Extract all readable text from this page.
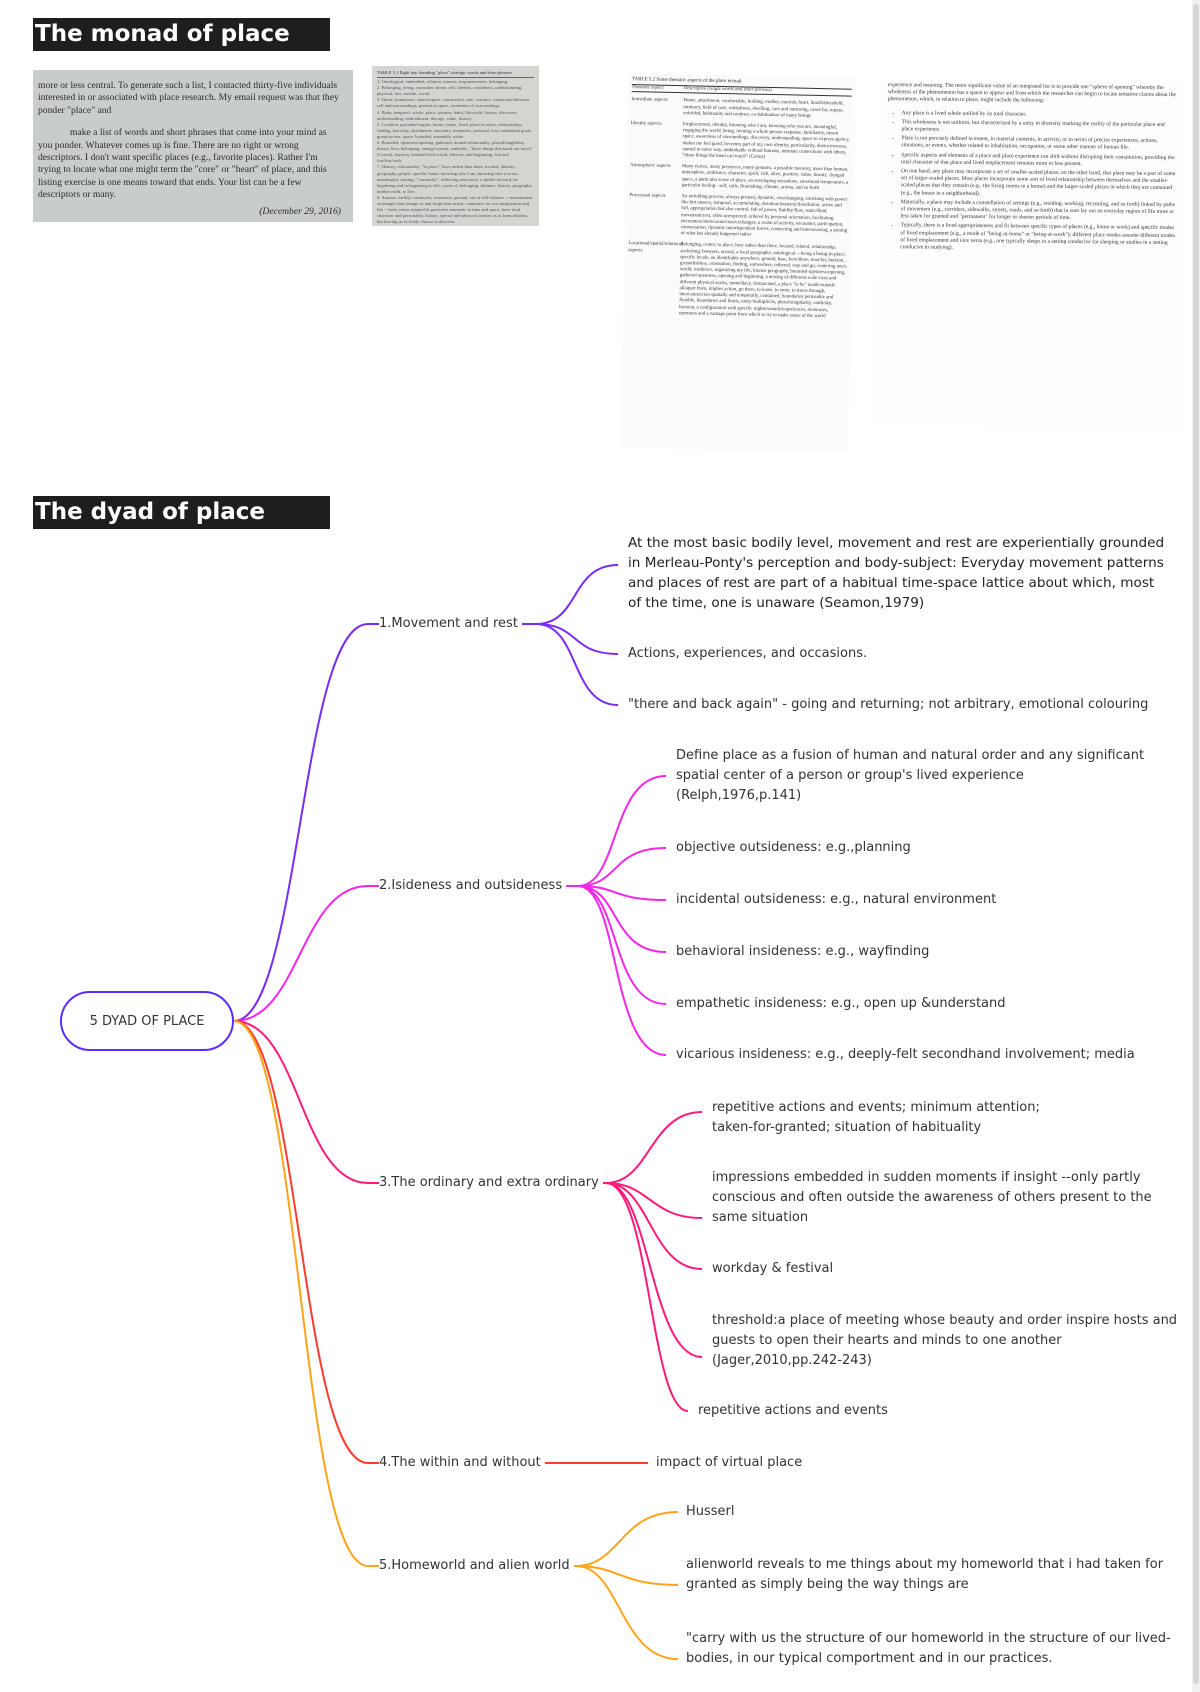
The monad of place

more or less central. To generate such a list, I contacted thirty-five individuals interested in or associated with place research. My email request was that they ponder "place" and

make a list of words and short phrases that come into your mind as you ponder. Whatever comes up is fine. There are no right or wrong descriptors. I don't want specific places (e.g., favorite places). Rather I'm trying to locate what one might term the "core" or "heart" of place, and this listing exercise is one means toward that ends. Your list can be a few descriptors or many.

(December 29, 2016)

TABLE 5.1 Eight key founding "place" strategic words and short phrases
1. Ontological, embedded, relation, interest, responsiveness, belonging.
2. Belonging, being, encounter, home, self, identity, rootedness, understanding, physical, lost, mobile, social.
3. Home, hometown, shared space, constructed, safe, comfort, connection between self and surroundings, present in space, awareness of surroundings.
4. Body, temporal, whole, place, journey, habit, lifeworld, history, discovery, understanding, embodiment, therapy, value, history.
5. Location, grounded region, home, venue, lived, place location, relationships, finding, knowing, attachment, sanctuary, memories, personal, lost, intentional goals, group-action, space, bounded, ensemble, value.
6. Bounded, openness/opening, gathered, mutual/relationality, placed/tangibility, theory, love, belonging, energy/current, authentic, "those things thin hand can touch" (Cortez), mystery, breathe/lived world, leftover, and beginning, lost and lost/lost/such.
7. History, relationality, "to place," have ardent than three, located, identity, geography, people, specific home, knowing who I am, knowing who you are, meaningful, rooting, "constantly", reflecting and mood, a shelter forward, be beginning and in-beginning to life, a part of, belonging, distance, history, geography, mother earth, to live.
8. Anyone, earthly, continuity, resonance, ground, out of self-reliance -- nourishment exchanges that change us and shape thus much, containers for our imagination and life -- body exists situated in particular moments in time and space, have local character and personality, history, special and physical, invites us to form relation, but leaving us to freely choose to discover.
TABLE 5.2 Some thematic aspects of the place textual.
Thematic aspect	Descriptive (single words and short phrases)
Immediate aspects	Home, attachment, comfortable, holding, mother, nourish, heart, hearth/threshold, intimacy, field of care, settledness, dwelling, care and nurturing, cared for, repose, enfolded, habituality and routines, co-habituation of many beings
Identity aspects	Emplacement, identity, knowing who I am, knowing who you are, meaningful, engaging the world, being, inviting a whole-person response, familiarity, meant space, awareness of surroundings, discovery, understanding, space to express agency, makes me feel good, becomes part of my own identity, particularity, distinctiveness, named in some way, unthinkable without humans, intimate connections with others, "those things the hand can touch" (Cortez)
Atmospheric aspects	Many voices, many presences, many gestures, a possible memory, more than human, atmosphere, ambience, character, spirit, rich, alive, positive, value, beauty, charged space, a particular sense of place, an enveloping sensations, emotional temperature, a particular feeling - self, calls, flourishing, climate, aroma, and so forth
Processual aspects	An unfolding process, always present, dynamic, everchanging, enriching with power like but unseen, temporal, accumulating, duration/intensity/dissolution, active and full, appropriation but also control, full of power, fluidity/flow, static/fluid, movement/rest, often unexpected, ordered by personal orientation, facilitating encounters/interconnection/exchanges, a realm of activity, encounter, participation, conversation, dynamic interdependent forces, connecting and interweaving, a joining of what has already happened rather
Locational/spatial/relational aspects	Belonging, center, to place, here rather than there, located, related, relationship, anchoring, between, arrival, a local geography, ontological -- being a being-in-place, specific locale, an identifiable anywhere, ground, base, here/there, near/far, horizon, groundedness, orientation, finding, somewhere, tethered, stay and go, centering one's world, residence, organizing my life, known geography, bounded-openness/opening, gathered openness, opening and beginning, a nesting of different scale sizes and different physical scales, immediacy, demarcated, a place "to be" inside/outside all/apart from, implies action, go there, to leave, to enter, to move through, interconnection spatially and temporally, contained, boundaries permeable and flexible, boundaries and limits, unity/multiplicity, plural/singularity, earth/sky, horizon, a configuration with specific nights/sounds/experiences, memories, openness and a vantage point from which to try to make sense of the world
experience and meaning. The more significant value of an integrated list is to provide one "sphere of opening" whereby the wholeness of the phenomenon has a space to appear and from which the researcher can begin to locate tentative claims about the phenomenon, which, in relation to place, might include the following:
• Any place is a lived whole unified by its total character.
• This wholeness is not uniform, but characterized by a unity in diversity marking the reality of the particular place and place experience.
• Place is not precisely defined in extent, in material contents, in activity, or in terms of precise experiences, actions, situations, or events, whether related to inhabitation, occupation, or some other manner of human life.
• Specific aspects and elements of a place and place experience can shift without disrupting their constitution, providing the total character of that place and lived emplacement remains more or less present.
• On one hand, any place may incorporate a set of smaller-scaled places; on the other hand, that place may be a part of some set of larger-scaled places. Most places incorporate some sort of lived relationship between themselves and the smaller-scaled places that they contain (e.g., the living rooms in a house) and the larger-scaled places in which they are contained (e.g., the house in a neighborhood).
• Materially, a place may include a constellation of settings (e.g., residing, working, recreating, and so forth) linked by paths of movement (e.g., corridors, sidewalks, streets, roads, and so forth) that in sum lay out an everyday region of life more or less taken for granted and "permanent" for longer or shorter periods of time.
• Typically, there is a lived appropriateness and fit between specific types of places (e.g., home or work) and specific modes of lived emplacement (e.g., a mode of "being-at-home" or "being-at-work"); different place modes assume different modes of lived emplacement and vice versa (e.g., one typically sleeps in a setting conducive for sleeping or studies in a setting conducive to studying).
The dyad of place
5 DYAD OF PLACE
1.Movement and rest
2.Isideness and outsideness
3.The ordinary and extra ordinary
4.The within and without
5.Homeworld and alien world
At the most basic bodily level, movement and rest are experientially grounded in Merleau-Ponty's perception and body-subject: Everyday movement patterns and places of rest are part of a habitual time-space lattice about which, most of the time, one is unaware (Seamon,1979)
Actions, experiences, and occasions.
"there and back again" - going and returning; not arbitrary, emotional colouring
Define place as a fusion of human and natural order and any significant spatial center of a person or group's lived experience (Relph,1976,p.141)
objective outsideness: e.g.,planning
incidental outsideness: e.g., natural environment
behavioral insideness: e.g., wayfinding
empathetic insideness: e.g., open up &understand
vicarious insideness: e.g., deeply-felt secondhand involvement; media
repetitive actions and events; minimum attention; taken-for-granted; situation of habituality
impressions embedded in sudden moments if insight --only partly conscious and often outside the awareness of others present to the same situation
workday & festival
threshold:a place of meeting whose beauty and order inspire hosts and guests to open their hearts and minds to one another (Jager,2010,pp.242-243)
repetitive actions and events
impact of virtual place
Husserl
alienworld reveals to me things about my homeworld that i had taken for granted as simply being the way things are
"carry with us the structure of our homeworld in the structure of our lived-bodies, in our typical comportment and in our practices.
